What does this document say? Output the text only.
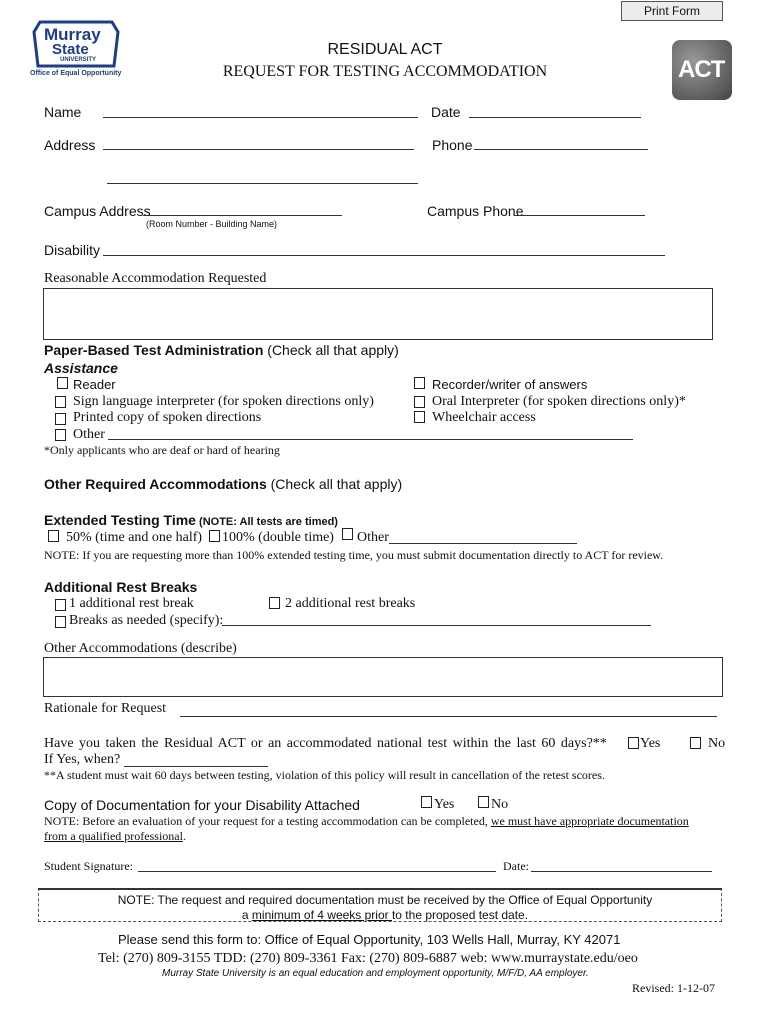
Print Form
Murray
State
UNIVERSITY
Office of Equal Opportunity	ACT
RESIDUAL ACT
REQUEST FOR TESTING ACCOMMODATION
Name	Date
Address	Phone
Campus Address
(Room Number - Building Name)
Campus Phone
Disability
Reasonable Accommodation Requested
Paper-Based Test Administration (Check all that apply)
Assistance
Reader
Sign language interpreter (for spoken directions only)
Printed copy of spoken directions
Other
Recorder/writer of answers
Oral Interpreter (for spoken directions only)*
Wheelchair access
*Only applicants who are deaf or hard of hearing
Other Required Accommodations (Check all that apply)
Extended Testing Time (NOTE: All tests are timed)
50% (time and one half) 100% (double time) Other
NOTE: If you are requesting more than 100% extended testing time, you must submit documentation directly to ACT for review.
Additional Rest Breaks
1 additional rest break	2 additional rest breaks
Breaks as needed (specify):
Other Accommodations (describe)
Rationale for Request
Have you taken the Residual ACT or an accommodated national test within the last 60 days?** Yes	No
If Yes, when?
**A student must wait 60 days between testing, violation of this policy will result in cancellation of the retest scores.
Copy of Documentation for your Disability Attached	Yes	No
NOTE: Before an evaluation of your request for a testing accommodation can be completed, we must have appropriate documentation
from a qualified professional.
Student Signature:	Date:
NOTE: The request and required documentation must be received by the Office of Equal Opportunity
a minimum of 4 weeks prior to the proposed test date.
Please send this form to: Office of Equal Opportunity, 103 Wells Hall, Murray, KY 42071
Tel: (270) 809-3155 TDD: (270) 809-3361 Fax: (270) 809-6887 web: www.murraystate.edu/oeo
Murray State University is an equal education and employment opportunity, M/F/D, AA employer.
Revised: 1-12-07
